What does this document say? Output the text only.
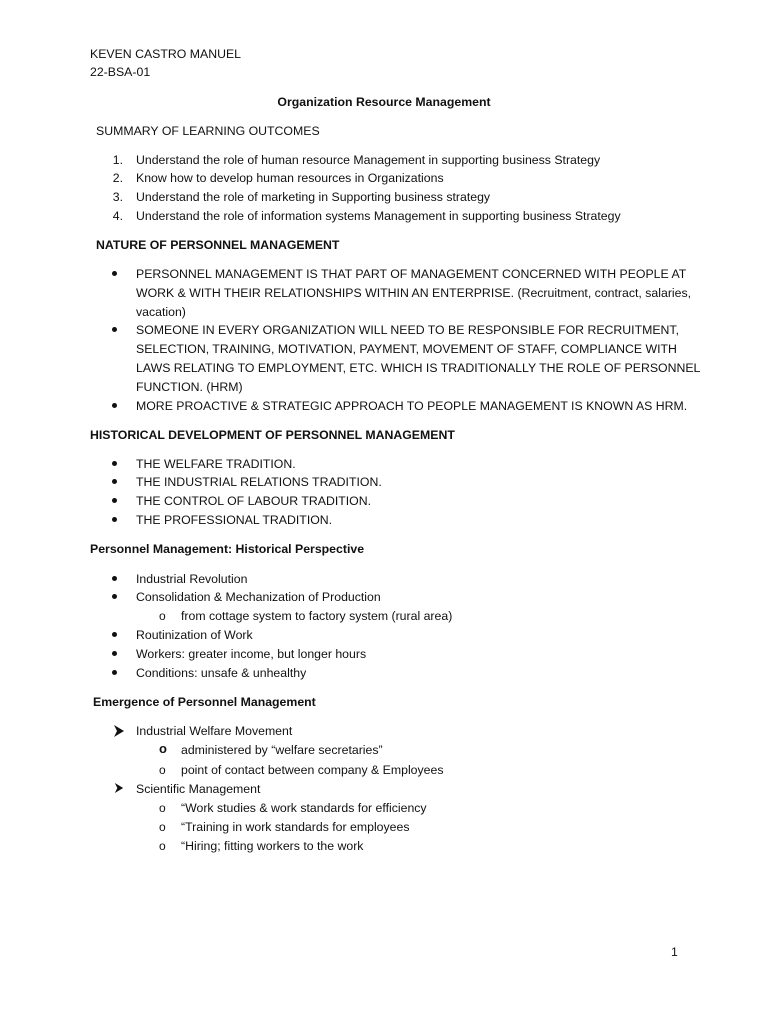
KEVEN CASTRO MANUEL
22-BSA-01
Organization Resource Management
SUMMARY OF LEARNING OUTCOMES
1. Understand the role of human resource Management in supporting business Strategy
2. Know how to develop human resources in Organizations
3. Understand the role of marketing in Supporting business strategy
4. Understand the role of information systems Management in supporting business Strategy
NATURE OF PERSONNEL MANAGEMENT
PERSONNEL MANAGEMENT IS THAT PART OF MANAGEMENT CONCERNED WITH PEOPLE AT
WORK & WITH THEIR RELATIONSHIPS WITHIN AN ENTERPRISE. (Recruitment, contract, salaries,
vacation)
SOMEONE IN EVERY ORGANIZATION WILL NEED TO BE RESPONSIBLE FOR RECRUITMENT,
SELECTION, TRAINING, MOTIVATION, PAYMENT, MOVEMENT OF STAFF, COMPLIANCE WITH
LAWS RELATING TO EMPLOYMENT, ETC. WHICH IS TRADITIONALLY THE ROLE OF PERSONNEL
FUNCTION. (HRM)
MORE PROACTIVE & STRATEGIC APPROACH TO PEOPLE MANAGEMENT IS KNOWN AS HRM.
HISTORICAL DEVELOPMENT OF PERSONNEL MANAGEMENT
THE WELFARE TRADITION.
THE INDUSTRIAL RELATIONS TRADITION.
THE CONTROL OF LABOUR TRADITION.
THE PROFESSIONAL TRADITION.
Personnel Management: Historical Perspective
Industrial Revolution
Consolidation & Mechanization of Production
o from cottage system to factory system (rural area)
Routinization of Work
Workers: greater income, but longer hours
Conditions: unsafe & unhealthy
Emergence of Personnel Management
Industrial Welfare Movement
o administered by “welfare secretaries”
o point of contact between company & Employees
Scientific Management
o “Work studies & work standards for efficiency
o “Training in work standards for employees
o “Hiring; fitting workers to the work
1
